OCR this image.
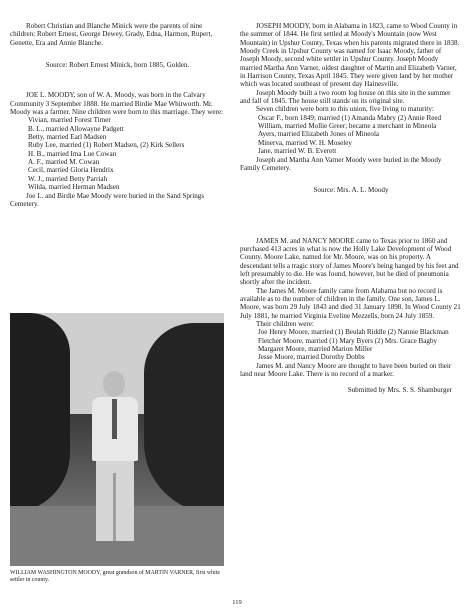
Robert Christian and Blanche Minick were the parents of nine children: Robert Ernest, George Dewey, Grady, Edna, Harmon, Rupert, Genette, Era and Annie Blanche.

Source: Robert Ernest Minick, born 1885, Golden.

JOE L. MOODY, son of W. A. Moody, was born in the Calvary Community 3 September 1888. He married Birdie Mae Whitworth. Mr. Moody was a farmer. Nine children were born to this marriage. They were:

Vivian, married Forest Timer

B. L., married Allowayne Padgett

Betty, married Earl Madsen

Ruby Lee, married (1) Robert Madsen, (2) Kirk Sellers

H. B., married Ima Lue Cowan

A. F., married M. Cowan

Cecil, married Gloria Hendrix

W. J., married Betty Parriah

Wilda, married Herman Madsen

Joe L. and Birdie Mae Moody were buried in the Sand Springs Cemetery.

WILLIAM WASHINGTON MOODY, great grandson of MARTIN VARNER, first white settler in county.

JOSEPH MOODY, born in Alabama in 1823, came to Wood County in the summer of 1844. He first settled at Moody's Mountain (now West Mountain) in Upshur County, Texas when his parents migrated there in 1838. Moody Creek in Upshur County was named for Isaac Moody, father of Joseph Moody, second white settler in Upshur County. Joseph Moody married Martha Ann Varner, oldest daughter of Martin and Elizabeth Varner, in Harrison County, Texas April 1845. They were given land by her mother which was located southeast of present day Hainesville.

Joseph Moody built a two room log house on this site in the summer and fall of 1845. The house still stands on its original site.

Seven children were born to this union, five living to maturity:

Oscar F., born 1849; married (1) Amanda Mabry (2) Annie Reed

William, married Mollie Greer; became a merchant in Mineola

Ayers, married Elizabeth Jones of Mineola

Minerva, married W. H. Moseley

Jane, married W. B. Everett

Joseph and Martha Ann Varner Moody were buried in the Moody Family Cemetery.

Source: Mrs. A. L. Moody

JAMES M. and NANCY MOORE came to Texas prior to 1860 and purchased 413 acres in what is now the Holly Lake Development of Wood County. Moore Lake, named for Mr. Moore, was on his property. A descendant tells a tragic story of James Moore's being hanged by his feet and left presumably to die. He was found, however, but he died of pneumonia shortly after the incident.

The James M. Moore family came from Alabama but no record is available as to the number of children in the family. One son, James L. Moore, was born 29 July 1843 and died 31 January 1898. In Wood County 21 July 1881, he married Virginia Eveline Mezzells, born 24 July 1859.

Their children were:

Joe Henry Moore, married (1) Beulah Riddle (2) Nannie Blackman

Fletcher Moore, married (1) Mary Byers (2) Mrs. Grace Bagby

Margaret Moore, married Marion Miller

Jesse Moore, married Dorothy Dobbs

James M. and Nancy Moore are thought to have been buried on their land near Moore Lake. There is no record of a marker.

Submitted by Mrs. S. S. Shamburger

119
